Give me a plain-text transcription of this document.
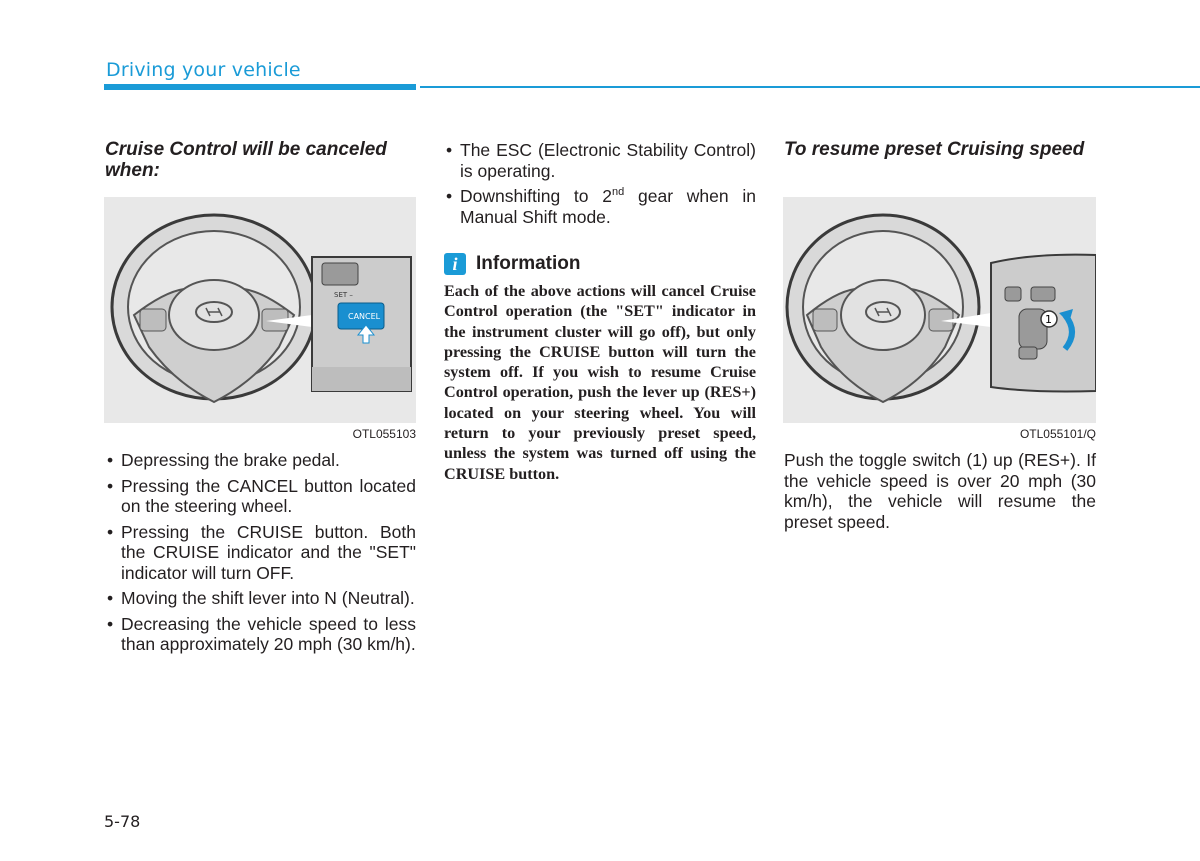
Driving your vehicle
Cruise Control will be canceled when:
SET –
CANCEL
OTL055103
• Depressing the brake pedal.
• Pressing the CANCEL button located on the steering wheel.
• Pressing the CRUISE button. Both the CRUISE indicator and the "SET" indicator will turn OFF.
• Moving the shift lever into N (Neutral).
• Decreasing the vehicle speed to less than approximately 20 mph (30 km/h).
• The ESC (Electronic Stability Control) is operating.
• Downshifting to 2nd gear when in Manual Shift mode.
i Information

Each of the above actions will cancel Cruise Control operation (the "SET" indicator in the instrument cluster will go off), but only pressing the CRUISE button will turn the system off. If you wish to resume Cruise Control operation, push the lever up (RES+) located on your steering wheel. You will return to your previously preset speed, unless the system was turned off using the CRUISE button.

To resume preset Cruising speed
1
OTL055101/Q

Push the toggle switch (1) up (RES+). If the vehicle speed is over 20 mph (30 km/h), the vehicle will resume the preset speed.

5-78
